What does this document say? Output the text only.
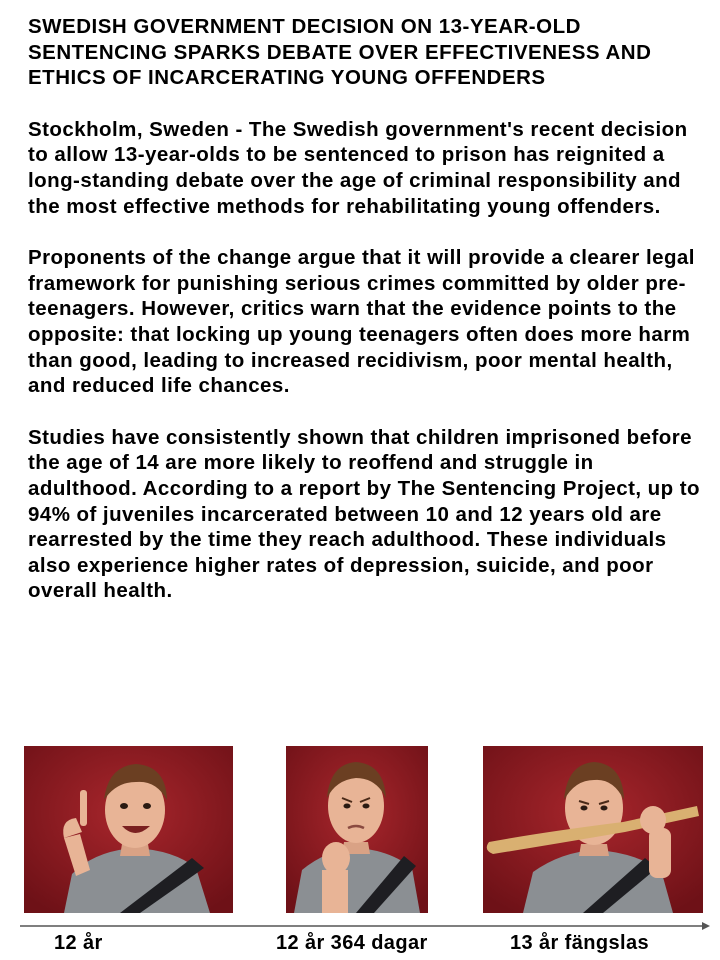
SWEDISH GOVERNMENT DECISION ON 13-YEAR-OLD SENTENCING SPARKS DEBATE OVER EFFECTIVENESS AND ETHICS OF INCARCERATING YOUNG OFFENDERS

Stockholm, Sweden - The Swedish government's recent decision to allow 13-year-olds to be sentenced to prison has reignited a long-standing debate over the age of criminal responsibility and the most effective methods for rehabilitating young offenders.

Proponents of the change argue that it will provide a clearer legal framework for punishing serious crimes committed by older pre-teenagers. However, critics warn that the evidence points to the opposite: that locking up young teenagers often does more harm than good, leading to increased recidivism, poor mental health, and reduced life chances.

Studies have consistently shown that children imprisoned before the age of 14 are more likely to reoffend and struggle in adulthood. According to a report by The Sentencing Project, up to 94% of juveniles incarcerated between 10 and 12 years old are rearrested by the time they reach adulthood. These individuals also experience higher rates of depression, suicide, and poor overall health.

12 år	12 år 364 dagar	13 år fängslas
